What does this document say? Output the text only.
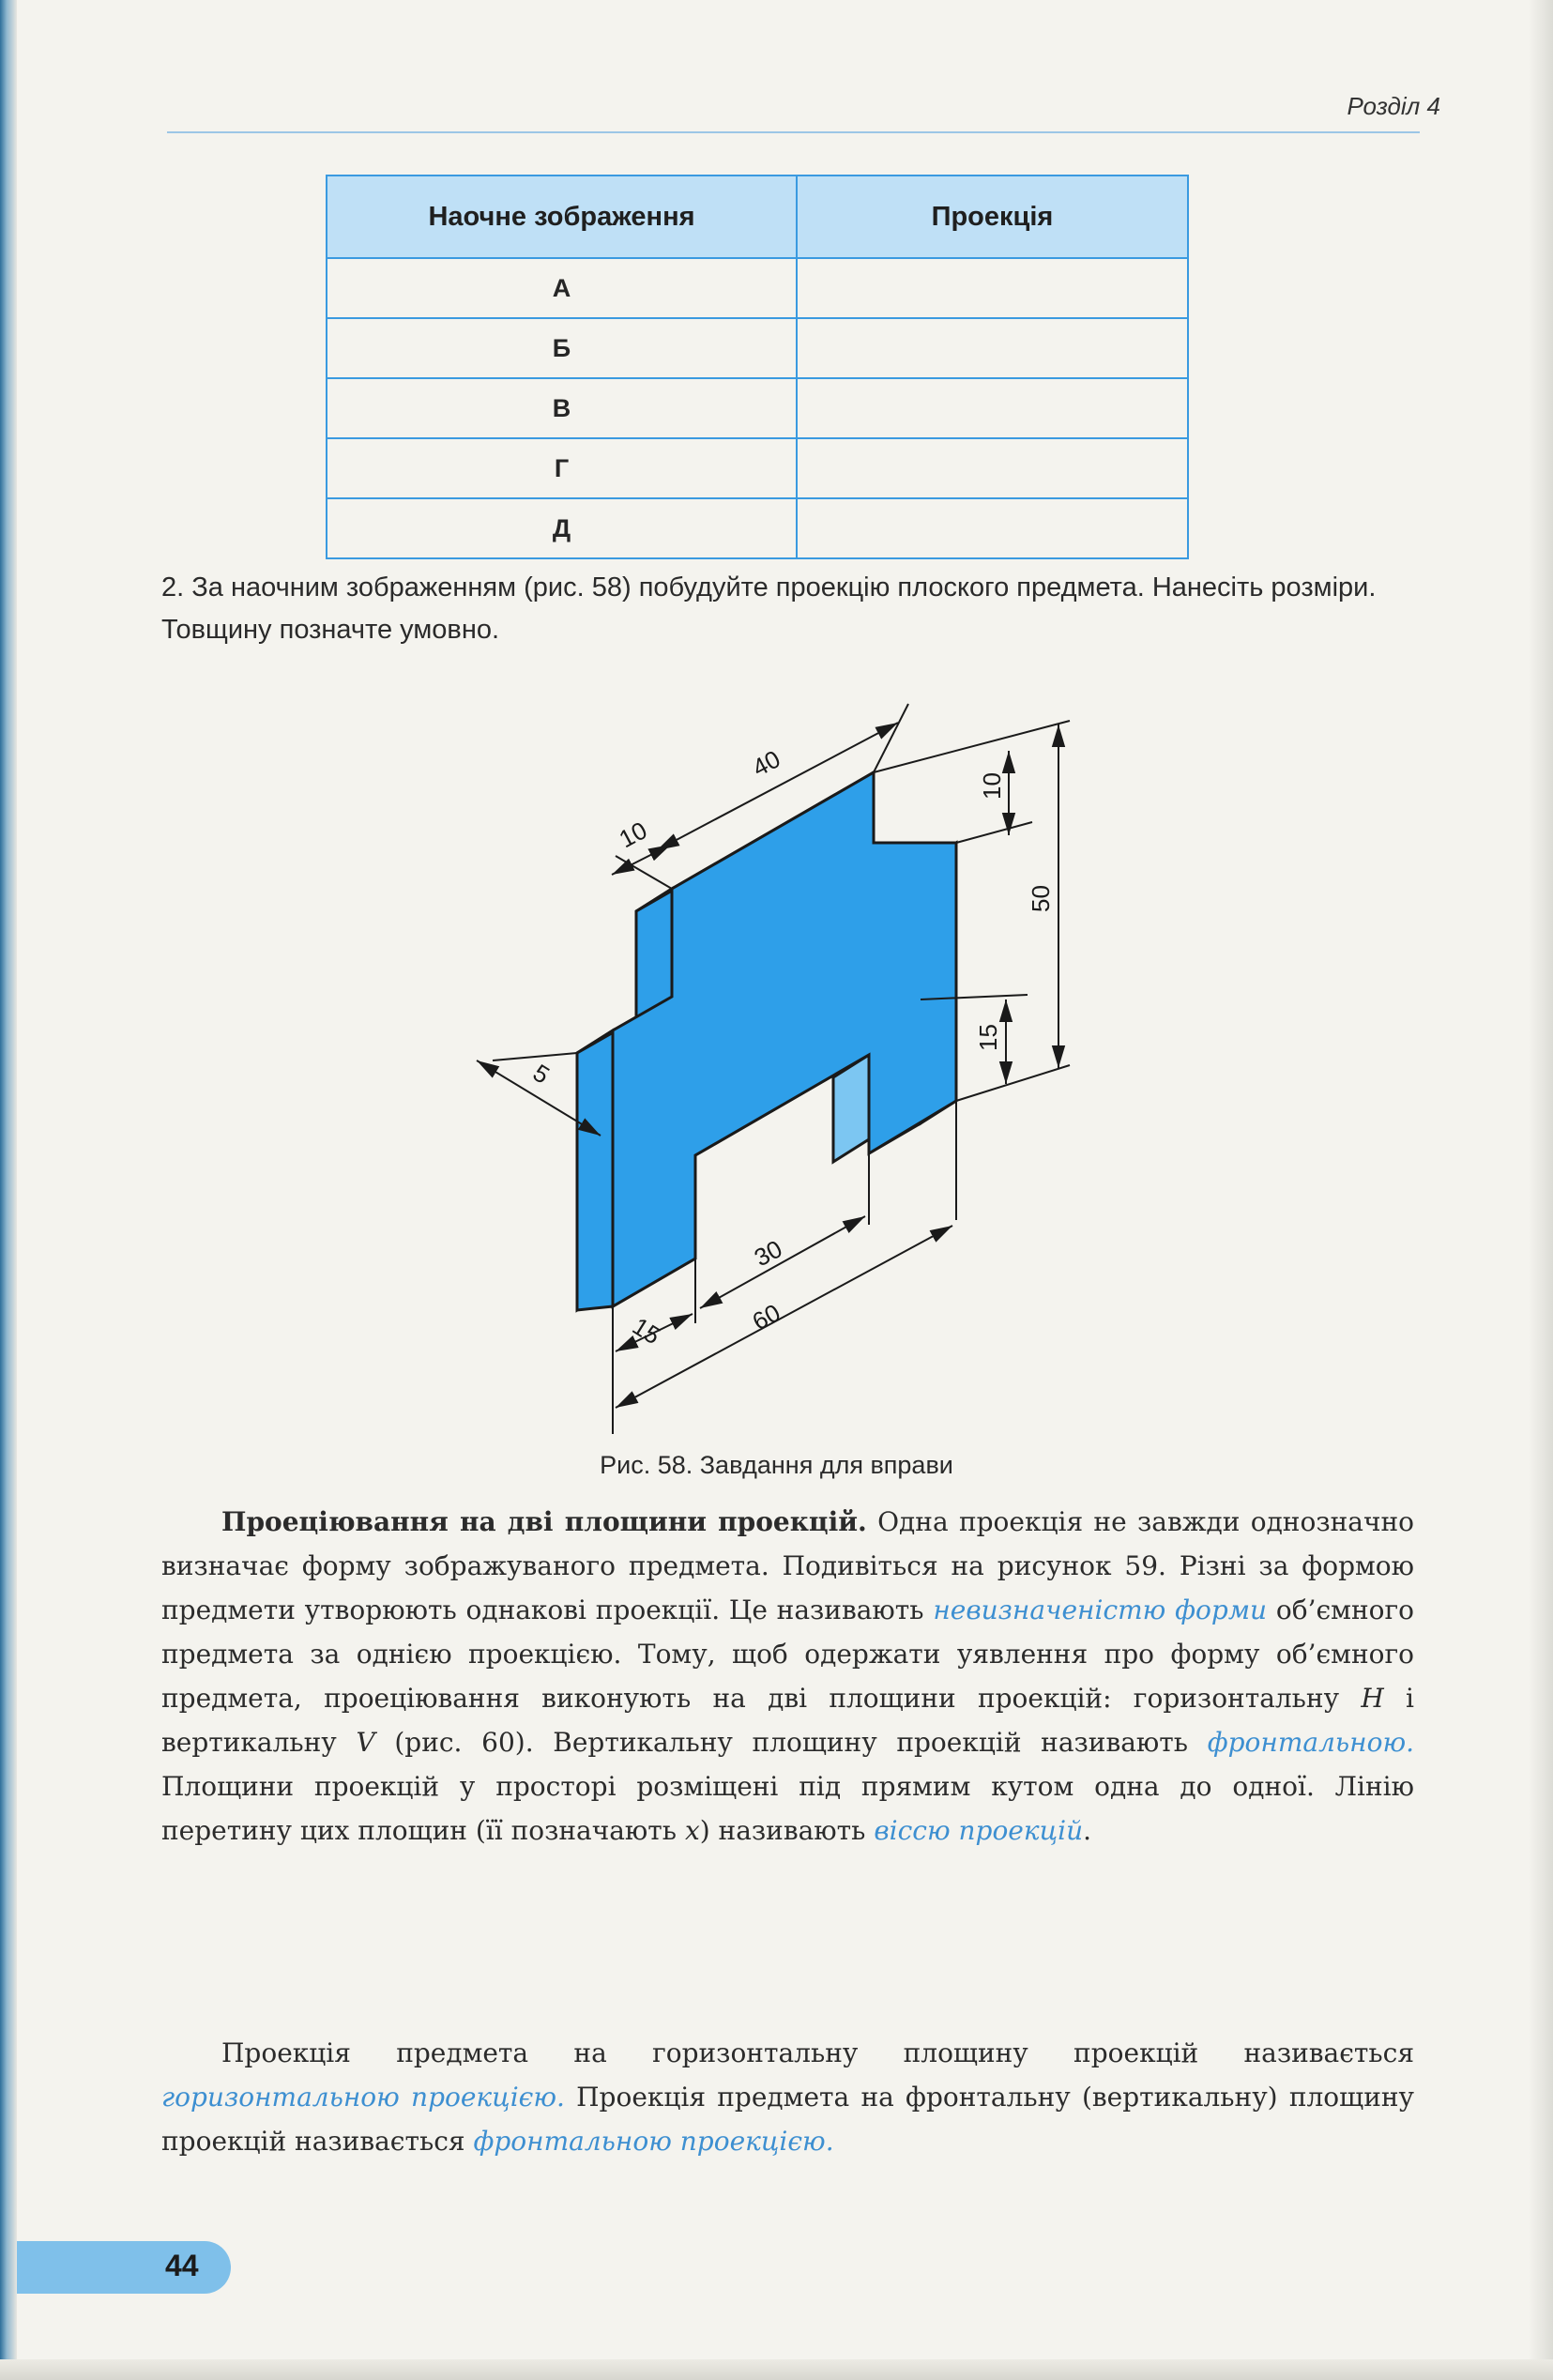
Розділ 4
Наочне зображення	Проекція
А	
Б	
В	
Г	
Д	
2. За наочним зображенням (рис. 58) побудуйте проекцію плоского предмета. Нанесіть розміри. Товщину позначте умовно.
40
10
10
50
15
5
30
15	60
Рис. 58. Завдання для вправи
Проеціювання на дві площини проекцій. Одна проекція не завжди однозначно визначає форму зображуваного предмета. Подивіться на рисунок 59. Різні за формою предмети утворюють однакові проекції. Це називають невизначеністю форми об’ємного предмета за однією проекцією. Тому, щоб одержати уявлення про форму об’ємного предмета, проеціювання виконують на дві площини проекцій: горизонтальну H і вертикальну V (рис. 60). Вертикальну площину проекцій називають фронтальною. Площини проекцій у просторі розміщені під прямим кутом одна до одної. Лінію перетину цих площин (її позначають x) називають віссю проекцій.
Проекція предмета на горизонтальну площину проекцій називається горизонтальною проекцією. Проекція предмета на фронтальну (вертикальну) площину проекцій називається фронтальною проекцією.
44
